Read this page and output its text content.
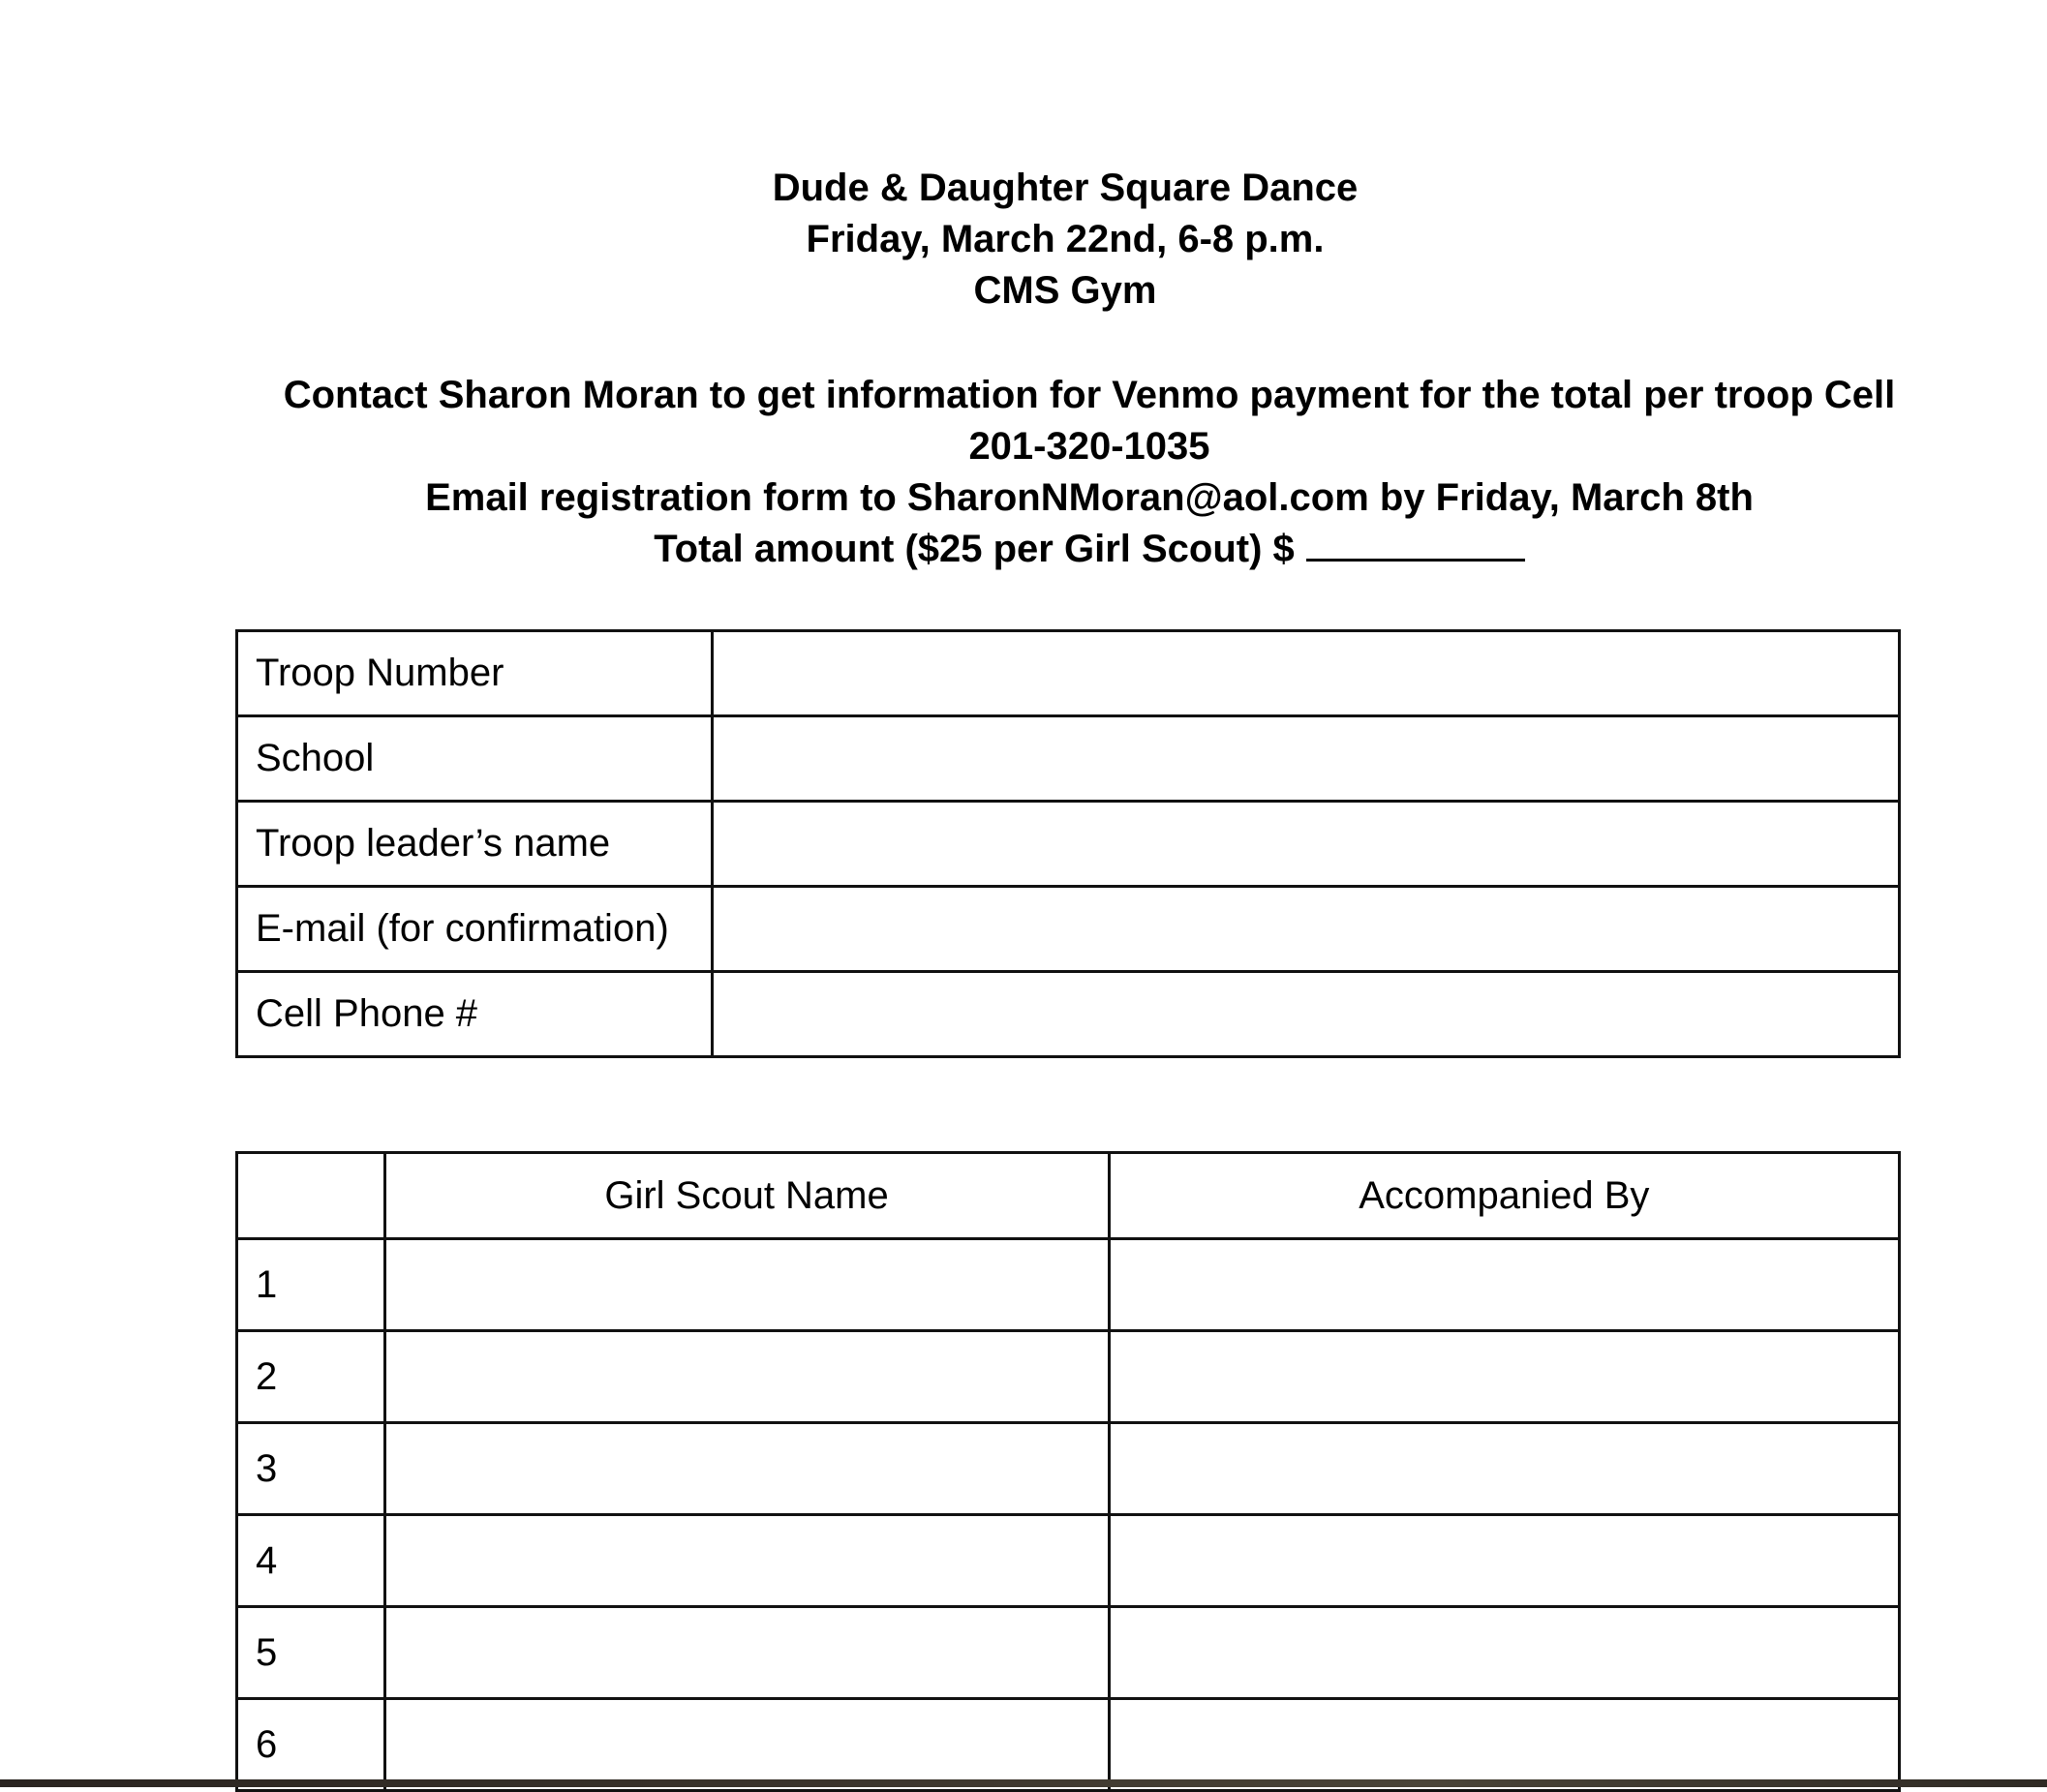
Dude & Daughter Square Dance
Friday, March 22nd, 6-8 p.m.
CMS Gym
Contact Sharon Moran to get information for Venmo payment for the total per troop Cell
201-320-1035
Email registration form to SharonNMoran@aol.com by Friday, March 8th
Total amount ($25 per Girl Scout) $
Troop Number	
School	
Troop leader’s name	
E-mail (for confirmation)	
Cell Phone #	
	Girl Scout Name	Accompanied By
1		
2		
3		
4		
5		
6		
